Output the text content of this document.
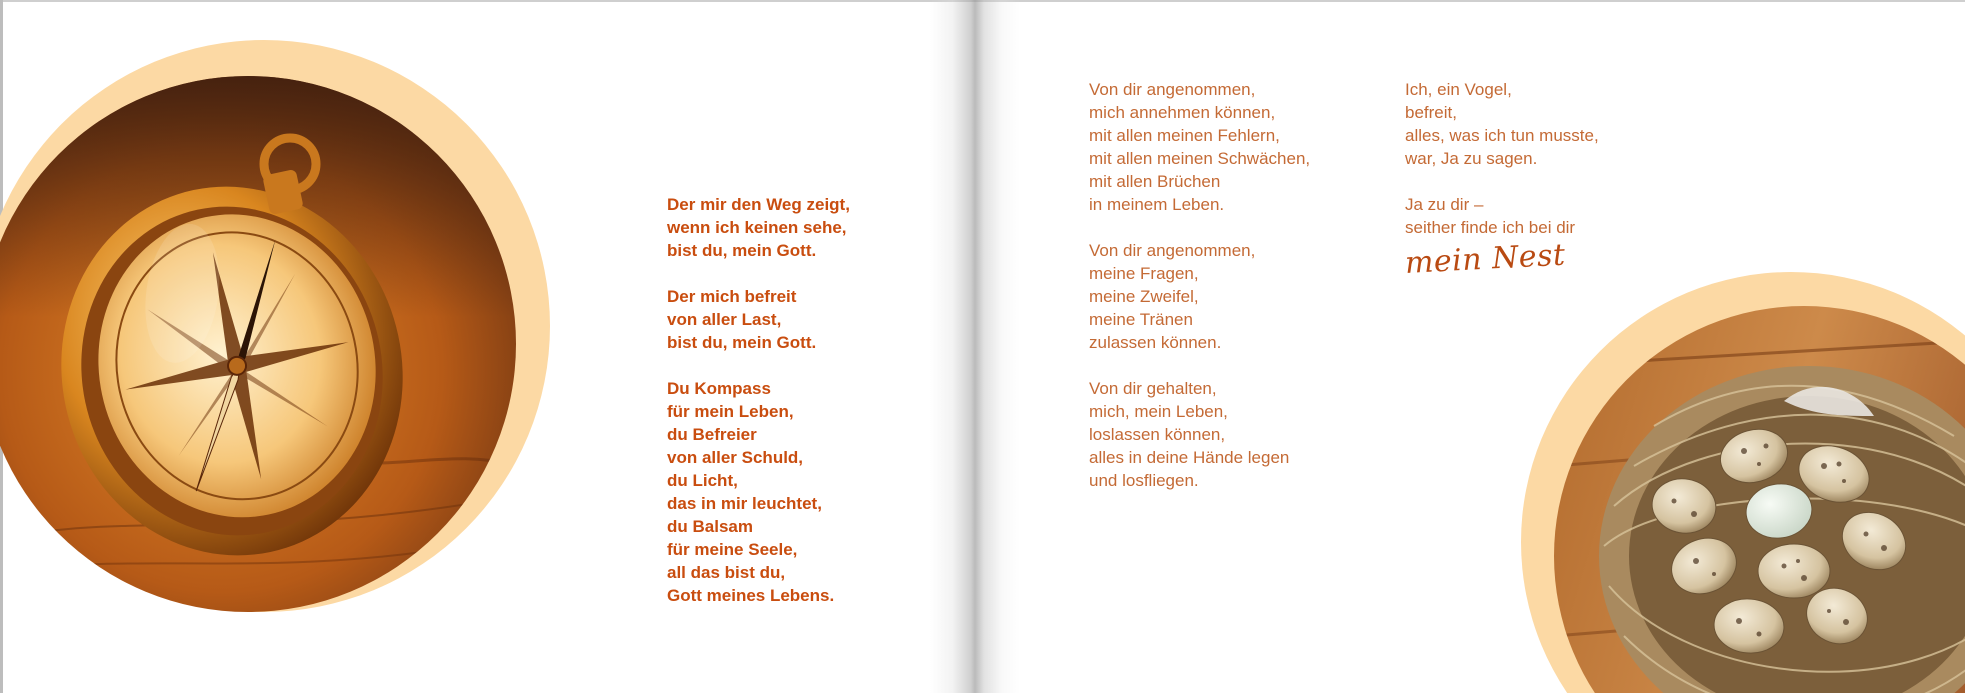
Der mir den Weg zeigt,
wenn ich keinen sehe,
bist du, mein Gott.
Der mich befreit
von aller Last,
bist du, mein Gott.
Du Kompass
für mein Leben,
du Befreier
von aller Schuld,
du Licht,
das in mir leuchtet,
du Balsam
für meine Seele,
all das bist du,
Gott meines Lebens.
Von dir angenommen,
mich annehmen können,
mit allen meinen Fehlern,
mit allen meinen Schwächen,
mit allen Brüchen
in meinem Leben.
Von dir angenommen,
meine Fragen,
meine Zweifel,
meine Tränen
zulassen können.
Von dir gehalten,
mich, mein Leben,
loslassen können,
alles in deine Hände legen
und losfliegen.
Ich, ein Vogel,
befreit,
alles, was ich tun musste,
war, Ja zu sagen.
Ja zu dir –
seither finde ich bei dir
mein Nest
